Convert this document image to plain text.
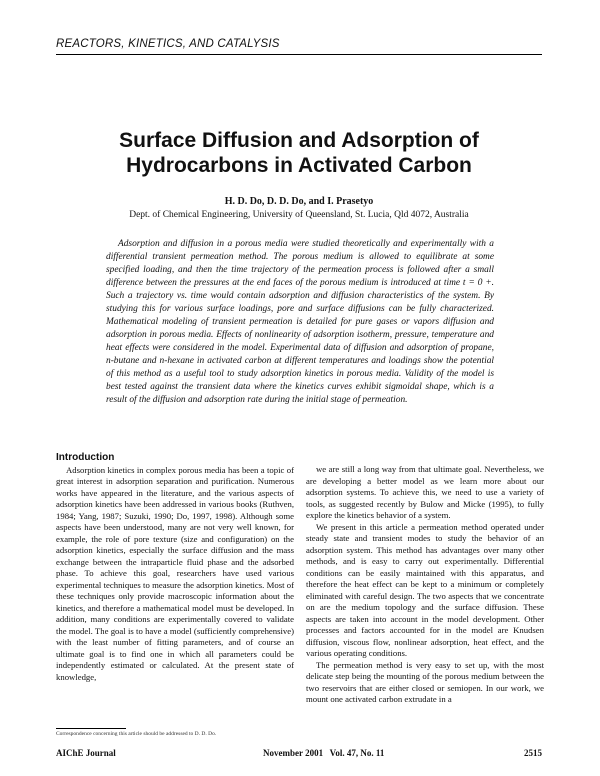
REACTORS, KINETICS, AND CATALYSIS
Surface Diffusion and Adsorption of Hydrocarbons in Activated Carbon
H. D. Do, D. D. Do, and I. Prasetyo
Dept. of Chemical Engineering, University of Queensland, St. Lucia, Qld 4072, Australia

Adsorption and diffusion in a porous media were studied theoretically and experimentally with a differential transient permeation method. The porous medium is allowed to equilibrate at some specified loading, and then the time trajectory of the permeation process is followed after a small difference between the pressures at the end faces of the porous medium is introduced at time t = 0 +. Such a trajectory vs. time would contain adsorption and diffusion characteristics of the system. By studying this for various surface loadings, pore and surface diffusions can be fully characterized. Mathematical modeling of transient permeation is detailed for pure gases or vapors diffusion and adsorption in porous media. Effects of nonlinearity of adsorption isotherm, pressure, temperature and heat effects were considered in the model. Experimental data of diffusion and adsorption of propane, n-butane and n-hexane in activated carbon at different temperatures and loadings show the potential of this method as a useful tool to study adsorption kinetics in porous media. Validity of the model is best tested against the transient data where the kinetics curves exhibit sigmoidal shape, which is a result of the diffusion and adsorption rate during the initial stage of permeation.

Introduction

Adsorption kinetics in complex porous media has been a topic of great interest in adsorption separation and purification. Numerous works have appeared in the literature, and the various aspects of adsorption kinetics have been addressed in various books (Ruthven, 1984; Yang, 1987; Suzuki, 1990; Do, 1997, 1998). Although some aspects have been understood, many are not very well known, for example, the role of pore texture (size and configuration) on the adsorption kinetics, especially the surface diffusion and the mass exchange between the intraparticle fluid phase and the adsorbed phase. To achieve this goal, researchers have used various experimental techniques to measure the adsorption kinetics. Most of these techniques only provide macroscopic information about the kinetics, and therefore a mathematical model must be developed. In addition, many conditions are experimentally covered to validate the model. The goal is to have a model (sufficiently comprehensive) with the least number of fitting parameters, and of course an ultimate goal is to find one in which all parameters could be independently estimated or calculated. At the present state of knowledge,

we are still a long way from that ultimate goal. Nevertheless, we are developing a better model as we learn more about our adsorption systems. To achieve this, we need to use a variety of tools, as suggested recently by Bulow and Micke (1995), to fully explore the kinetics behavior of a system.

We present in this article a permeation method operated under steady state and transient modes to study the behavior of an adsorption system. This method has advantages over many other methods, and is easy to carry out experimentally. Differential conditions can be easily maintained with this apparatus, and therefore the heat effect can be kept to a minimum or completely eliminated with careful design. The two aspects that we concentrate on are the medium topology and the surface diffusion. These aspects are taken into account in the model development. Other processes and factors accounted for in the model are Knudsen diffusion, viscous flow, nonlinear adsorption, heat effect, and the various operating conditions.

The permeation method is very easy to set up, with the most delicate step being the mounting of the porous medium between the two reservoirs that are either closed or semiopen. In our work, we mount one activated carbon extrudate in a

Correspondence concerning this article should be addressed to D. D. Do.
AIChE Journal	November 2001   Vol. 47, No. 11	2515
